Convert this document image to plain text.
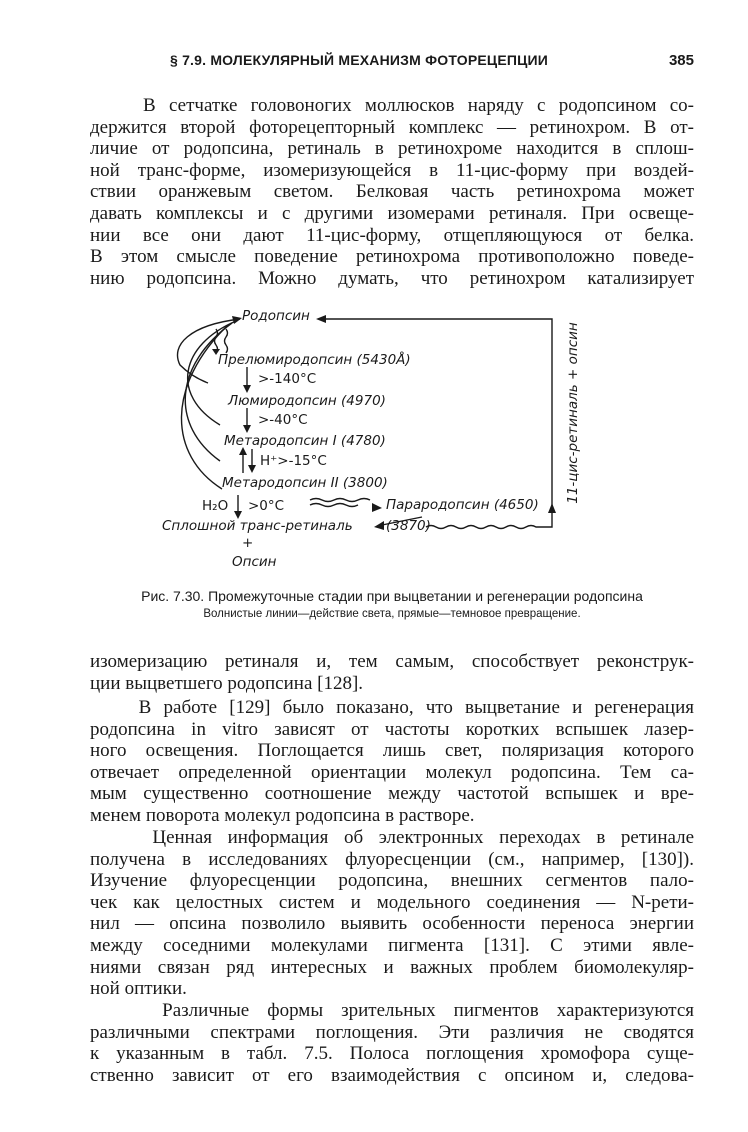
§ 7.9. МОЛЕКУЛЯРНЫЙ МЕХАНИЗМ ФОТОРЕЦЕПЦИИ	385
В сетчатке головоногих моллюсков наряду с родопсином со-
держится второй фоторецепторный комплекс — ретинохром. В от-
личие от родопсина, ретиналь в ретинохроме находится в сплош-
ной транс-форме, изомеризующейся в 11-цис-форму при воздей-
ствии оранжевым светом. Белковая часть ретинохрома может
давать комплексы и с другими изомерами ретиналя. При освеще-
нии все они дают 11-цис-форму, отщепляющуюся от белка.
В этом смысле поведение ретинохрома противоположно поведе-
нию родопсина. Можно думать, что ретинохром катализирует
Родопсин
Прелюмиродопсин (5430Å)
>-140°C
Люмиродопсин (4970)
>-40°C
Метародопсин I (4780)
H⁺>-15°C
Метародопсин II (3800)
H₂O >0°C	Парародопсин (4650)
Сплошной транс-ретиналь (3870)
+
Опсин
11-цис-ретиналь + опсин
Рис. 7.30. Промежуточные стадии при выцветании и регенерации родопсина
Волнистые линии—действие света, прямые—темновое превращение.
изомеризацию ретиналя и, тем самым, способствует реконструк-
ции выцветшего родопсина [128].
В работе [129] было показано, что выцветание и регенерация
родопсина in vitro зависят от частоты коротких вспышек лазер-
ного освещения. Поглощается лишь свет, поляризация которого
отвечает определенной ориентации молекул родопсина. Тем са-
мым существенно соотношение между частотой вспышек и вре-
менем поворота молекул родопсина в растворе.
Ценная информация об электронных переходах в ретинале
получена в исследованиях флуоресценции (см., например, [130]).
Изучение флуоресценции родопсина, внешних сегментов пало-
чек как целостных систем и модельного соединения — N-рети-
нил — опсина позволило выявить особенности переноса энергии
между соседними молекулами пигмента [131]. С этими явле-
ниями связан ряд интересных и важных проблем биомолекуляр-
ной оптики.
Различные формы зрительных пигментов характеризуются
различными спектрами поглощения. Эти различия не сводятся
к указанным в табл. 7.5. Полоса поглощения хромофора суще-
ственно зависит от его взаимодействия с опсином и, следова-
